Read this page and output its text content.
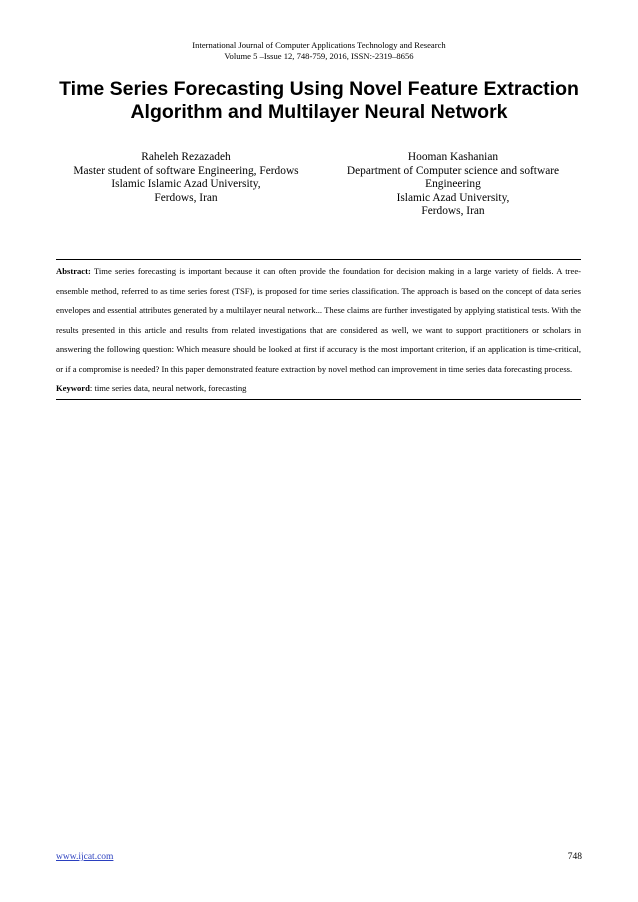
International Journal of Computer Applications Technology and Research
Volume 5 –Issue 12, 748-759, 2016, ISSN:-2319–8656
Time Series Forecasting Using Novel Feature Extraction
Algorithm and Multilayer Neural Network
Raheleh Rezazadeh
Master student of software Engineering, Ferdows
Islamic Islamic Azad University,
Ferdows, Iran
Hooman Kashanian
Department of Computer science and software
Engineering
Islamic Azad University,
Ferdows, Iran

Abstract: Time series forecasting is important because it can often provide the foundation for decision making in a large variety of fields. A tree-ensemble method, referred to as time series forest (TSF), is proposed for time series classification. The approach is based on the concept of data series envelopes and essential attributes generated by a multilayer neural network... These claims are further investigated by applying statistical tests. With the results presented in this article and results from related investigations that are considered as well, we want to support practitioners or scholars in answering the following question: Which measure should be looked at first if accuracy is the most important criterion, if an application is time-critical, or if a compromise is needed? In this paper demonstrated feature extraction by novel method can improvement in time series data forecasting process.

Keyword: time series data, neural network, forecasting

www.ijcat.com	748
